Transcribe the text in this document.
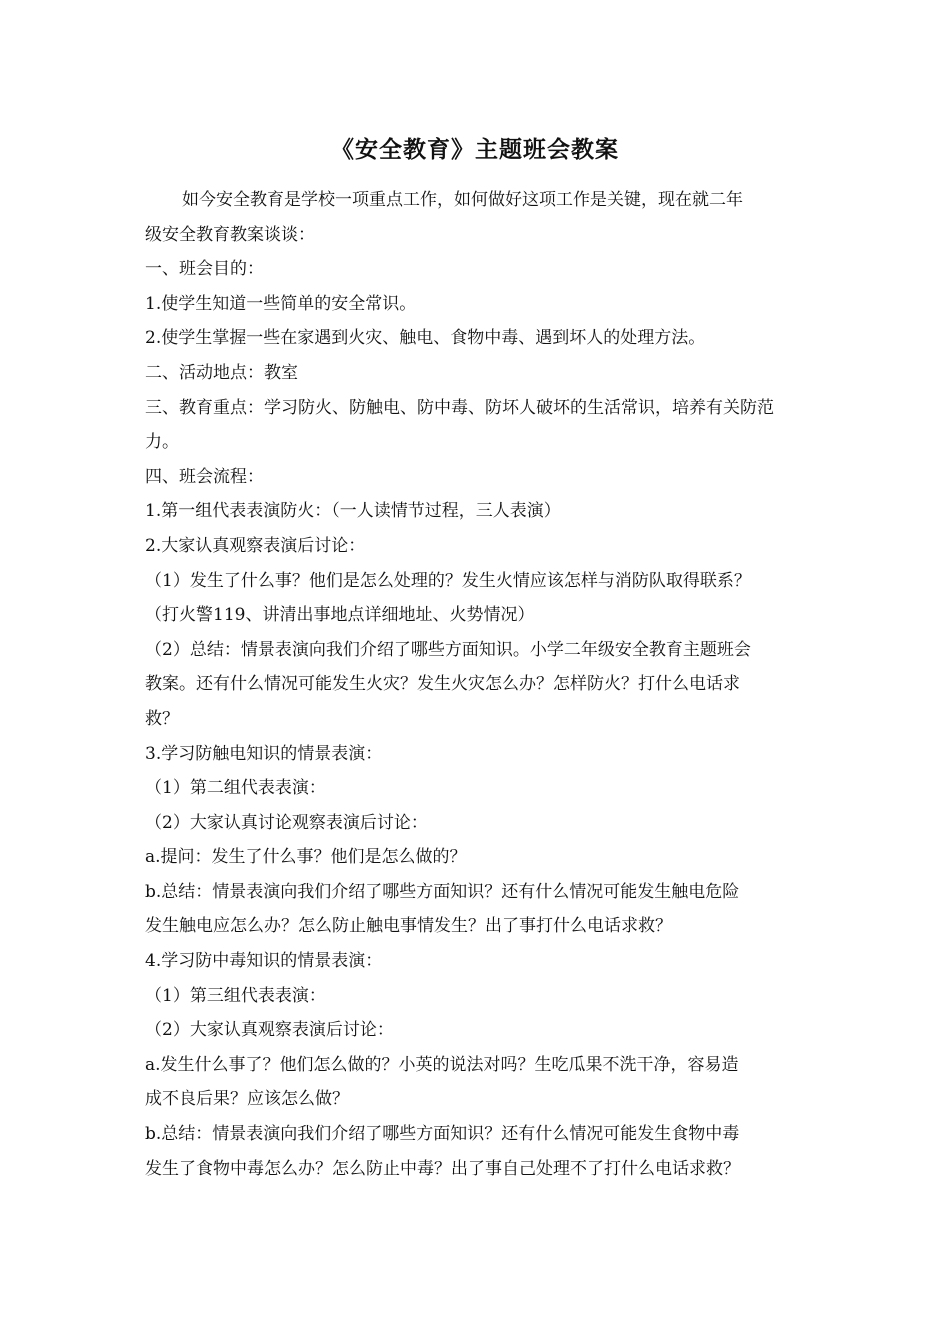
《安全教育》主题班会教案

如今安全教育是学校一项重点工作，如何做好这项工作是关键，现在就二年

级安全教育教案谈谈：

一、班会目的：

1.使学生知道一些简单的安全常识。

2.使学生掌握一些在家遇到火灾、触电、食物中毒、遇到坏人的处理方法。

二、活动地点：教室

三、教育重点：学习防火、防触电、防中毒、防坏人破坏的生活常识，培养有关防范

力。

四、班会流程：

1.第一组代表表演防火：（一人读情节过程，三人表演）

2.大家认真观察表演后讨论：

（1）发生了什么事？他们是怎么处理的？发生火情应该怎样与消防队取得联系？

（打火警119、讲清出事地点详细地址、火势情况）

（2）总结：情景表演向我们介绍了哪些方面知识。小学二年级安全教育主题班会

教案。还有什么情况可能发生火灾？发生火灾怎么办？怎样防火？打什么电话求

救？

3.学习防触电知识的情景表演：

（1）第二组代表表演：

（2）大家认真讨论观察表演后讨论：

a.提问：发生了什么事？他们是怎么做的？

b.总结：情景表演向我们介绍了哪些方面知识？还有什么情况可能发生触电危险

发生触电应怎么办？怎么防止触电事情发生？出了事打什么电话求救？

4.学习防中毒知识的情景表演：

（1）第三组代表表演：

（2）大家认真观察表演后讨论：

a.发生什么事了？他们怎么做的？小英的说法对吗？生吃瓜果不洗干净，容易造

成不良后果？应该怎么做？

b.总结：情景表演向我们介绍了哪些方面知识？还有什么情况可能发生食物中毒

发生了食物中毒怎么办？怎么防止中毒？出了事自己处理不了打什么电话求救？
